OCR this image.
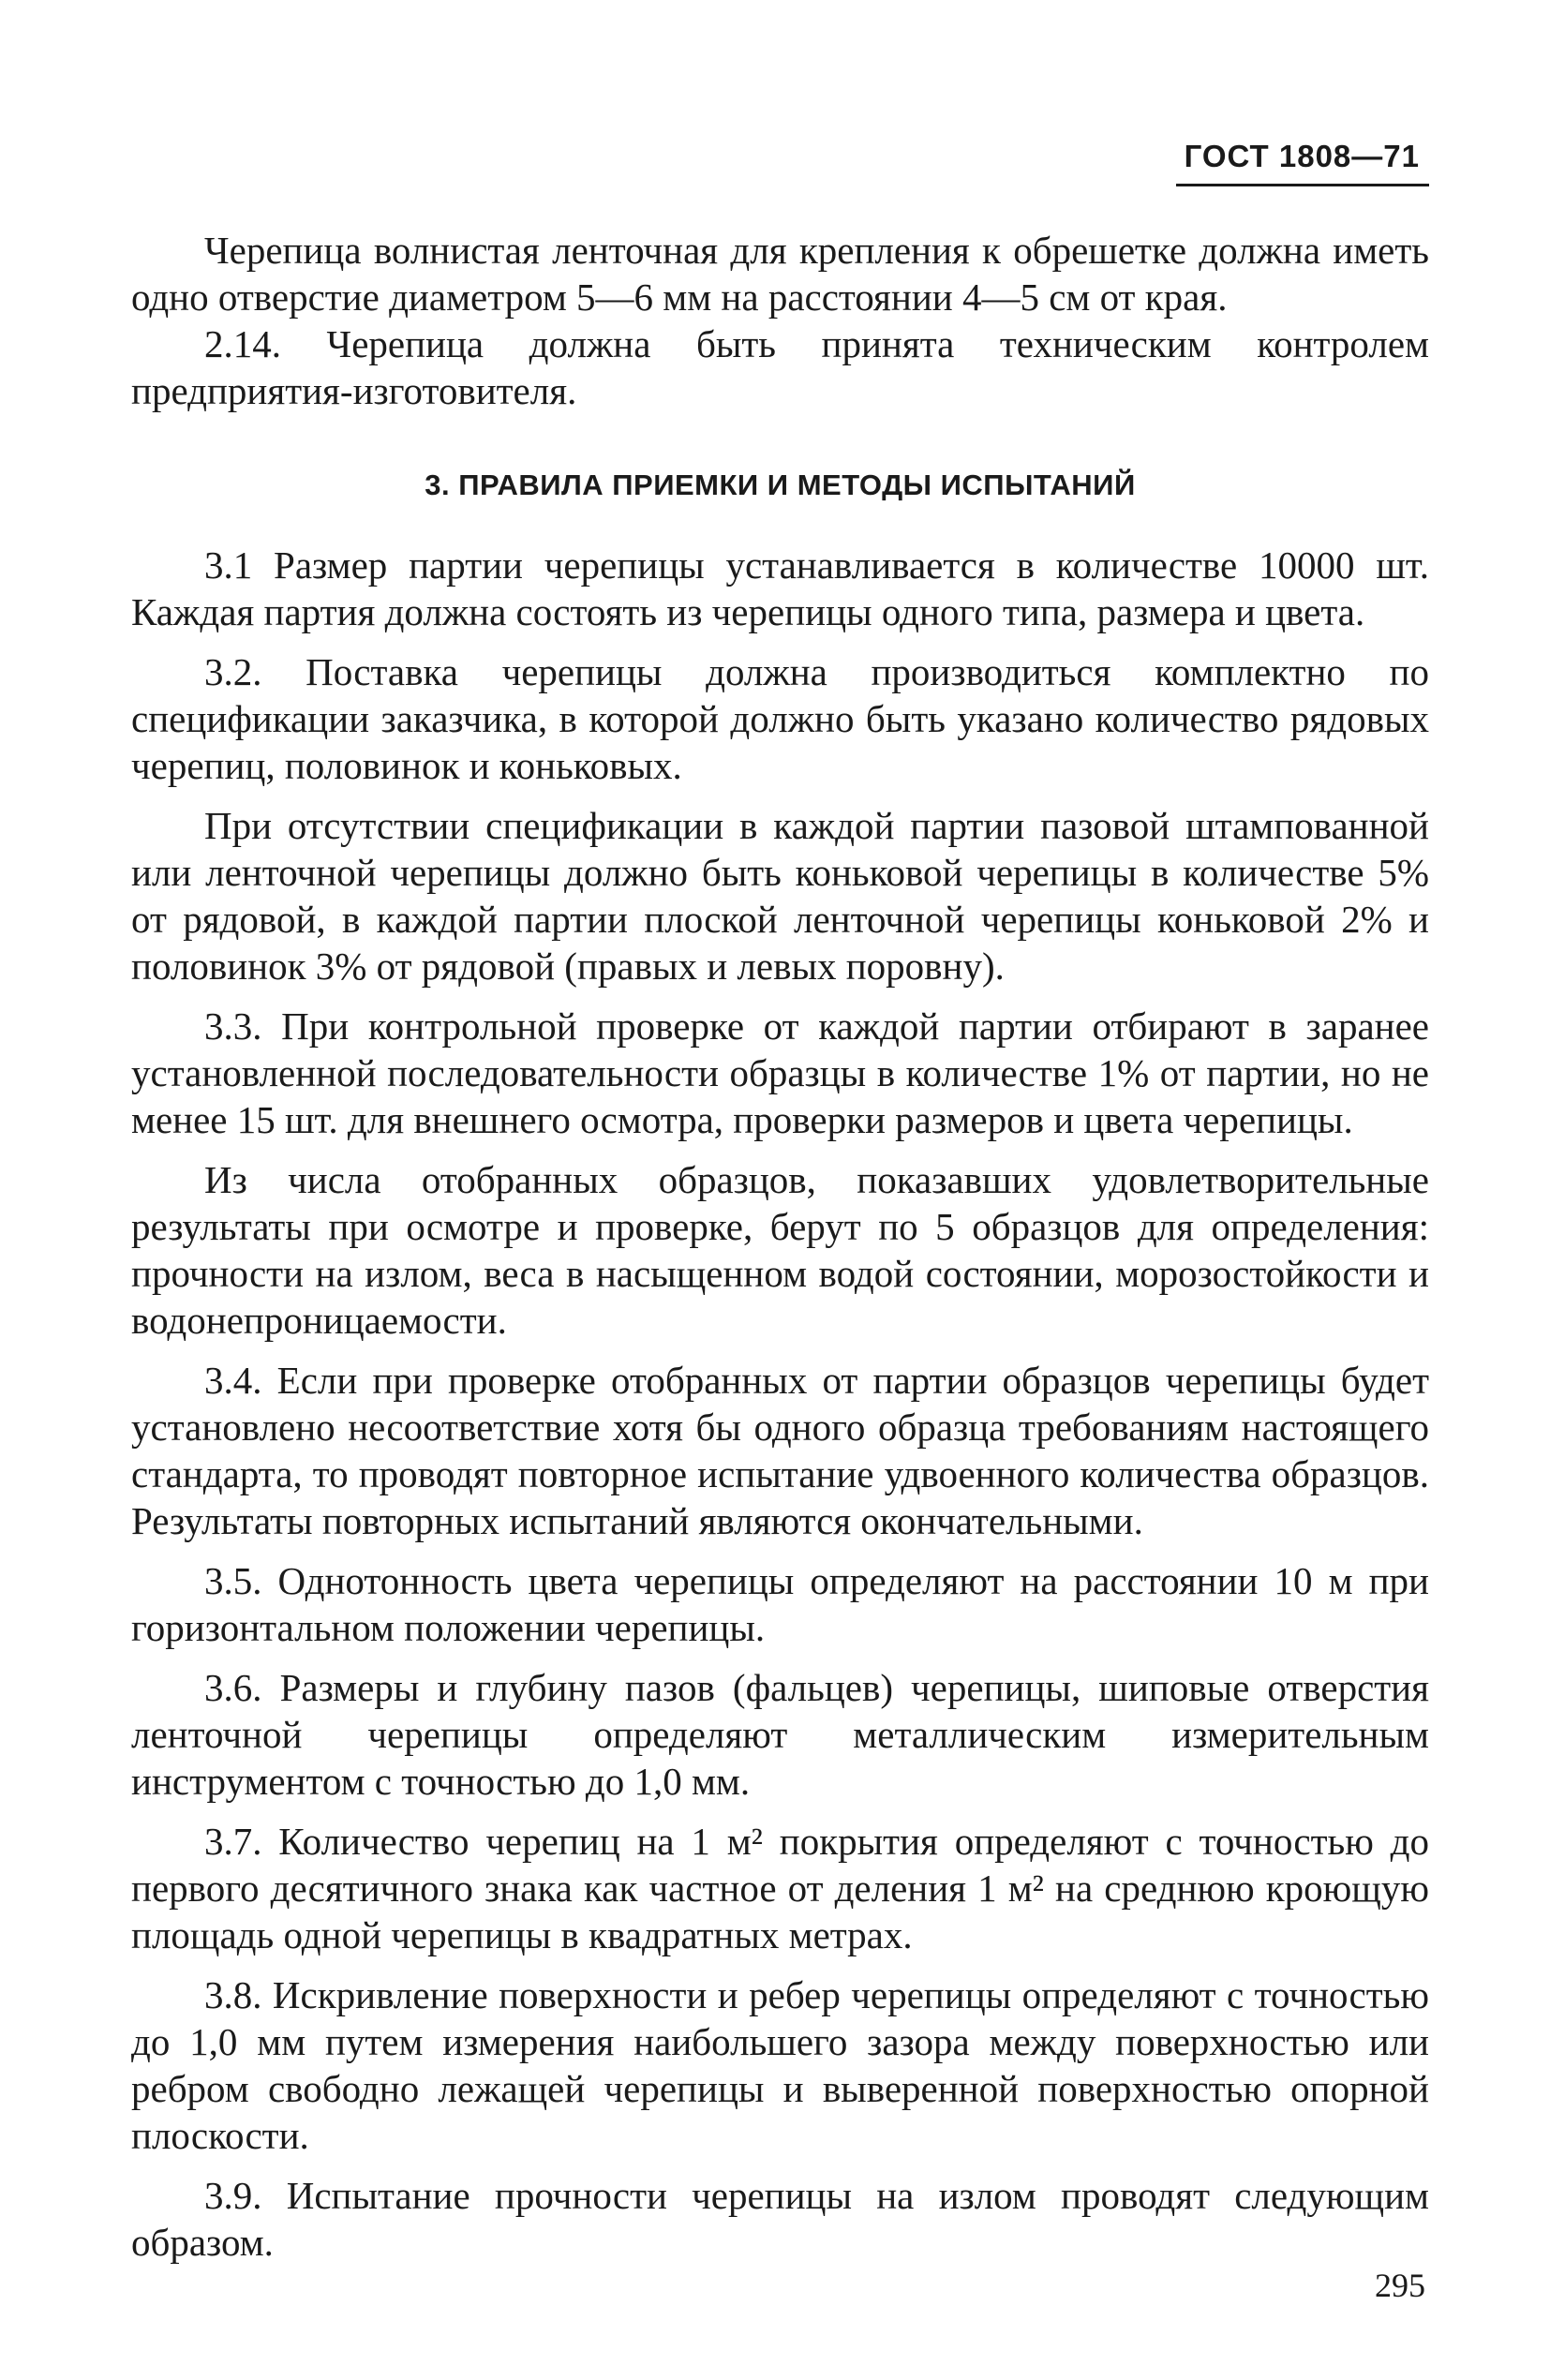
ГОСТ 1808—71

Черепица волнистая ленточная для крепления к обрешетке должна иметь одно отверстие диаметром 5—6 мм на расстоянии 4—5 см от края.

2.14. Черепица должна быть принята техническим контролем предприятия-изготовителя.

3. ПРАВИЛА ПРИЕМКИ И МЕТОДЫ ИСПЫТАНИЙ

3.1 Размер партии черепицы устанавливается в количестве 10000 шт. Каждая партия должна состоять из черепицы одного типа, размера и цвета.

3.2. Поставка черепицы должна производиться комплектно по спецификации заказчика, в которой должно быть указано количество рядовых черепиц, половинок и коньковых.

При отсутствии спецификации в каждой партии пазовой штампованной или ленточной черепицы должно быть коньковой черепицы в количестве 5% от рядовой, в каждой партии плоской ленточной черепицы коньковой 2% и половинок 3% от рядовой (правых и левых поровну).

3.3. При контрольной проверке от каждой партии отбирают в заранее установленной последовательности образцы в количестве 1% от партии, но не менее 15 шт. для внешнего осмотра, проверки размеров и цвета черепицы.

Из числа отобранных образцов, показавших удовлетворительные результаты при осмотре и проверке, берут по 5 образцов для определения: прочности на излом, веса в насыщенном водой состоянии, морозостойкости и водонепроницаемости.

3.4. Если при проверке отобранных от партии образцов черепицы будет установлено несоответствие хотя бы одного образца требованиям настоящего стандарта, то проводят повторное испытание удвоенного количества образцов. Результаты повторных испытаний являются окончательными.

3.5. Однотонность цвета черепицы определяют на расстоянии 10 м при горизонтальном положении черепицы.

3.6. Размеры и глубину пазов (фальцев) черепицы, шиповые отверстия ленточной черепицы определяют металлическим измерительным инструментом с точностью до 1,0 мм.

3.7. Количество черепиц на 1 м² покрытия определяют с точностью до первого десятичного знака как частное от деления 1 м² на среднюю кроющую площадь одной черепицы в квадратных метрах.

3.8. Искривление поверхности и ребер черепицы определяют с точностью до 1,0 мм путем измерения наибольшего зазора между поверхностью или ребром свободно лежащей черепицы и выверенной поверхностью опорной плоскости.

3.9. Испытание прочности черепицы на излом проводят следующим образом.

295
